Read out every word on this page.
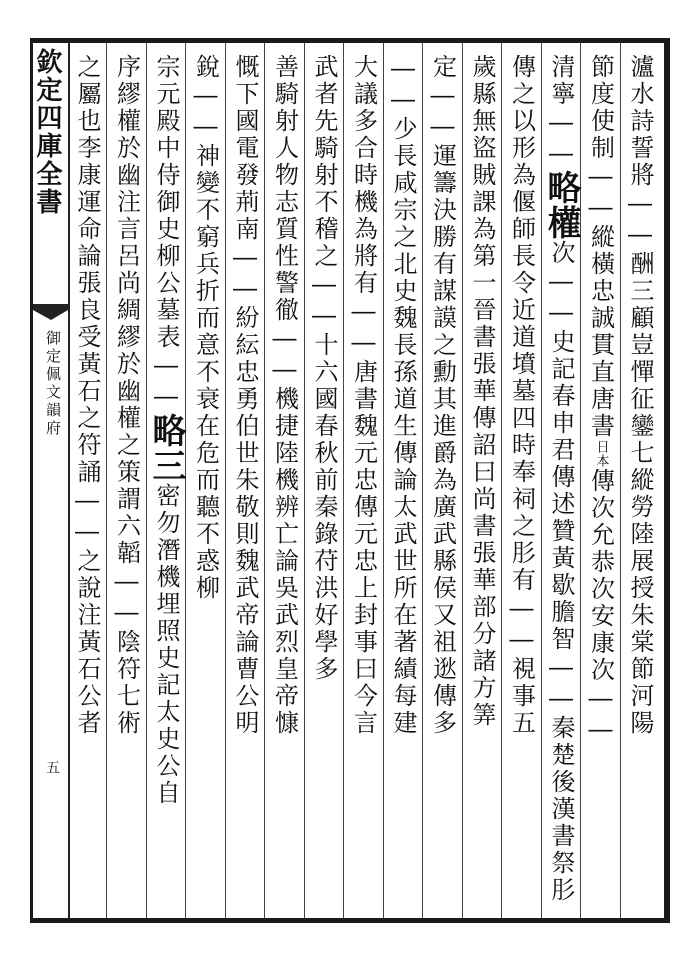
欽定四庫全書
御定佩文韻府
五
瀘水詩誓將――酬三顧豈憚征鑾七縱勞陸展授朱棠節河陽
節度使制――縱橫忠誠貫直唐書日本傳次允恭次安康次――
清寧――略權次――史記春申君傳述贊黃歇膽智――秦楚後漢書祭肜
傳之以形為偃師長令近道墳墓四時奉祠之肜有――視事五
歲縣無盜賊課為第一晉書張華傳詔曰尚書張華部分諸方筭
定――運籌決勝有謀謨之勳其進爵為廣武縣侯又祖逖傳多
――少長咸宗之北史魏長孫道生傳論太武世所在著績每建
大議多合時機為將有――唐書魏元忠傳元忠上封事曰今言
武者先騎射不稽之――十六國春秋前秦錄苻洪好學多
善騎射人物志質性警徹――機捷陸機辨亡論吳武烈皇帝慷
慨下國電發荊南――紛紜忠勇伯世朱敬則魏武帝論曹公明
銳――神變不窮兵折而意不衰在危而聽不惑柳
宗元殿中侍御史柳公墓表――略三密勿潛機埋照史記太史公自
序繆權於幽注言呂尚綢繆於幽權之策謂六韜――陰符七術
之屬也李康運命論張良受黃石之符誦――之說注黃石公者
